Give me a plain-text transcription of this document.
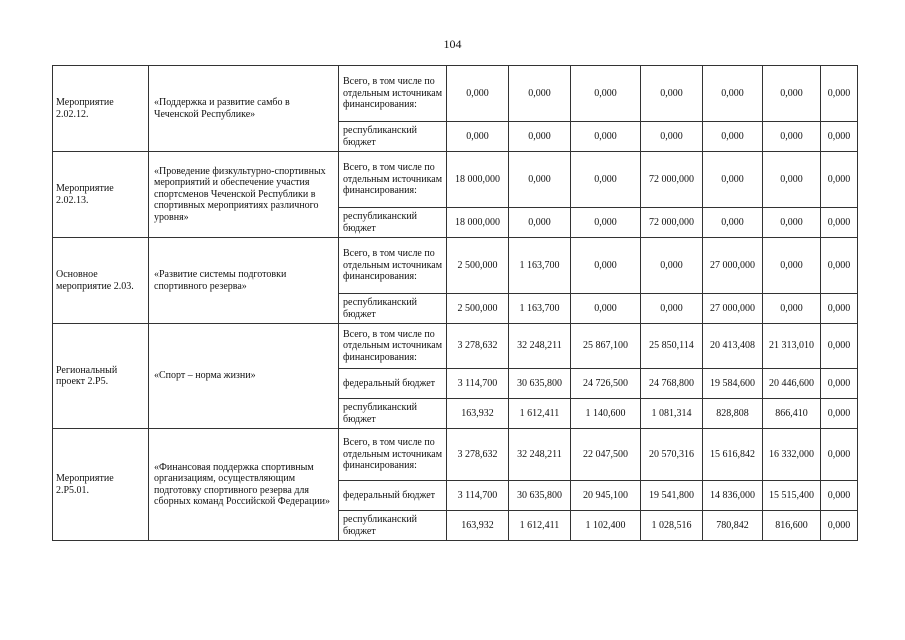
104
Мероприятие 2.02.12.	«Поддержка и развитие самбо в Чеченской Республике»	Всего, в том числе по отдельным источникам финансирования:	0,000	0,000	0,000	0,000	0,000	0,000	0,000
		республиканский бюджет	0,000	0,000	0,000	0,000	0,000	0,000	0,000
Мероприятие 2.02.13.	«Проведение физкультурно-спортивных мероприятий и обеспечение участия спортсменов Чеченской Республики в спортивных мероприятиях различного уровня»	Всего, в том числе по отдельным источникам финансирования:	18 000,000	0,000	0,000	72 000,000	0,000	0,000	0,000
		республиканский бюджет	18 000,000	0,000	0,000	72 000,000	0,000	0,000	0,000
Основное мероприятие 2.03.	«Развитие системы подготовки спортивного резерва»	Всего, в том числе по отдельным источникам финансирования:	2 500,000	1 163,700	0,000	0,000	27 000,000	0,000	0,000
		республиканский бюджет	2 500,000	1 163,700	0,000	0,000	27 000,000	0,000	0,000
Региональный проект 2.P5.	«Спорт – норма жизни»	Всего, в том числе по отдельным источникам финансирования:	3 278,632	32 248,211	25 867,100	25 850,114	20 413,408	21 313,010	0,000
		федеральный бюджет	3 114,700	30 635,800	24 726,500	24 768,800	19 584,600	20 446,600	0,000
		республиканский бюджет	163,932	1 612,411	1 140,600	1 081,314	828,808	866,410	0,000
Мероприятие 2.P5.01.	«Финансовая поддержка спортивным организациям, осуществляющим подготовку спортивного резерва для сборных команд Российской Федерации»	Всего, в том числе по отдельным источникам финансирования:	3 278,632	32 248,211	22 047,500	20 570,316	15 616,842	16 332,000	0,000
		федеральный бюджет	3 114,700	30 635,800	20 945,100	19 541,800	14 836,000	15 515,400	0,000
		республиканский бюджет	163,932	1 612,411	1 102,400	1 028,516	780,842	816,600	0,000
